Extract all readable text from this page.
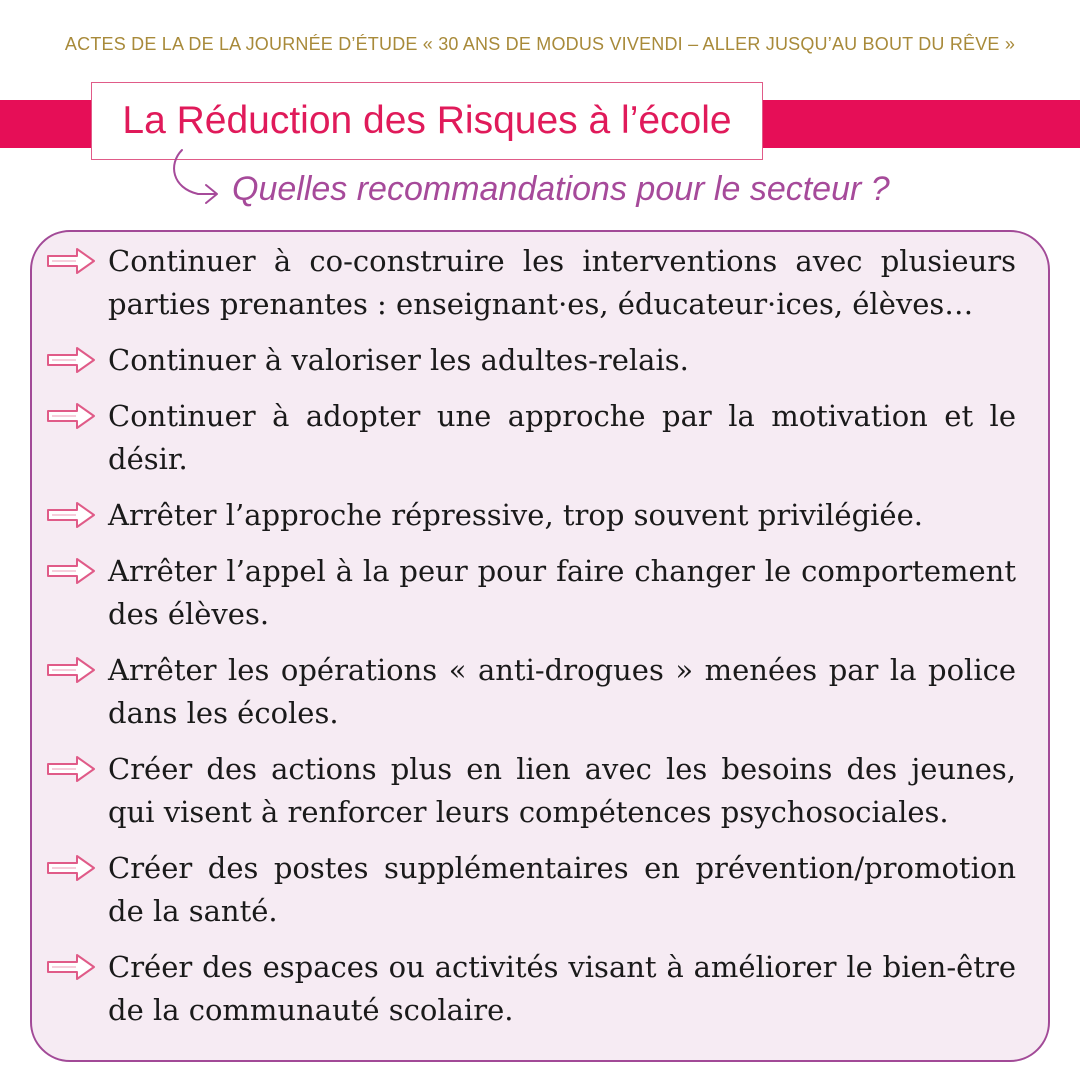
ACTES DE LA DE LA JOURNÉE D’ÉTUDE « 30 ANS DE MODUS VIVENDI – ALLER JUSQU’AU BOUT DU RÊVE »
La Réduction des Risques à l’école
Quelles recommandations pour le secteur ?
Continuer à co-construire les interventions avec plusieurs parties prenantes : enseignant·es, éducateur·ices, élèves…
Continuer à valoriser les adultes-relais.
Continuer à adopter une approche par la motivation et le désir.
Arrêter l’approche répressive, trop souvent privilégiée.
Arrêter l’appel à la peur pour faire changer le comportement des élèves.
Arrêter les opérations « anti-drogues » menées par la police dans les écoles.
Créer des actions plus en lien avec les besoins des jeunes, qui visent à renforcer leurs compétences psychosociales.
Créer des postes supplémentaires en prévention/promotion de la santé.
Créer des espaces ou activités visant à améliorer le bien-être de la communauté scolaire.
